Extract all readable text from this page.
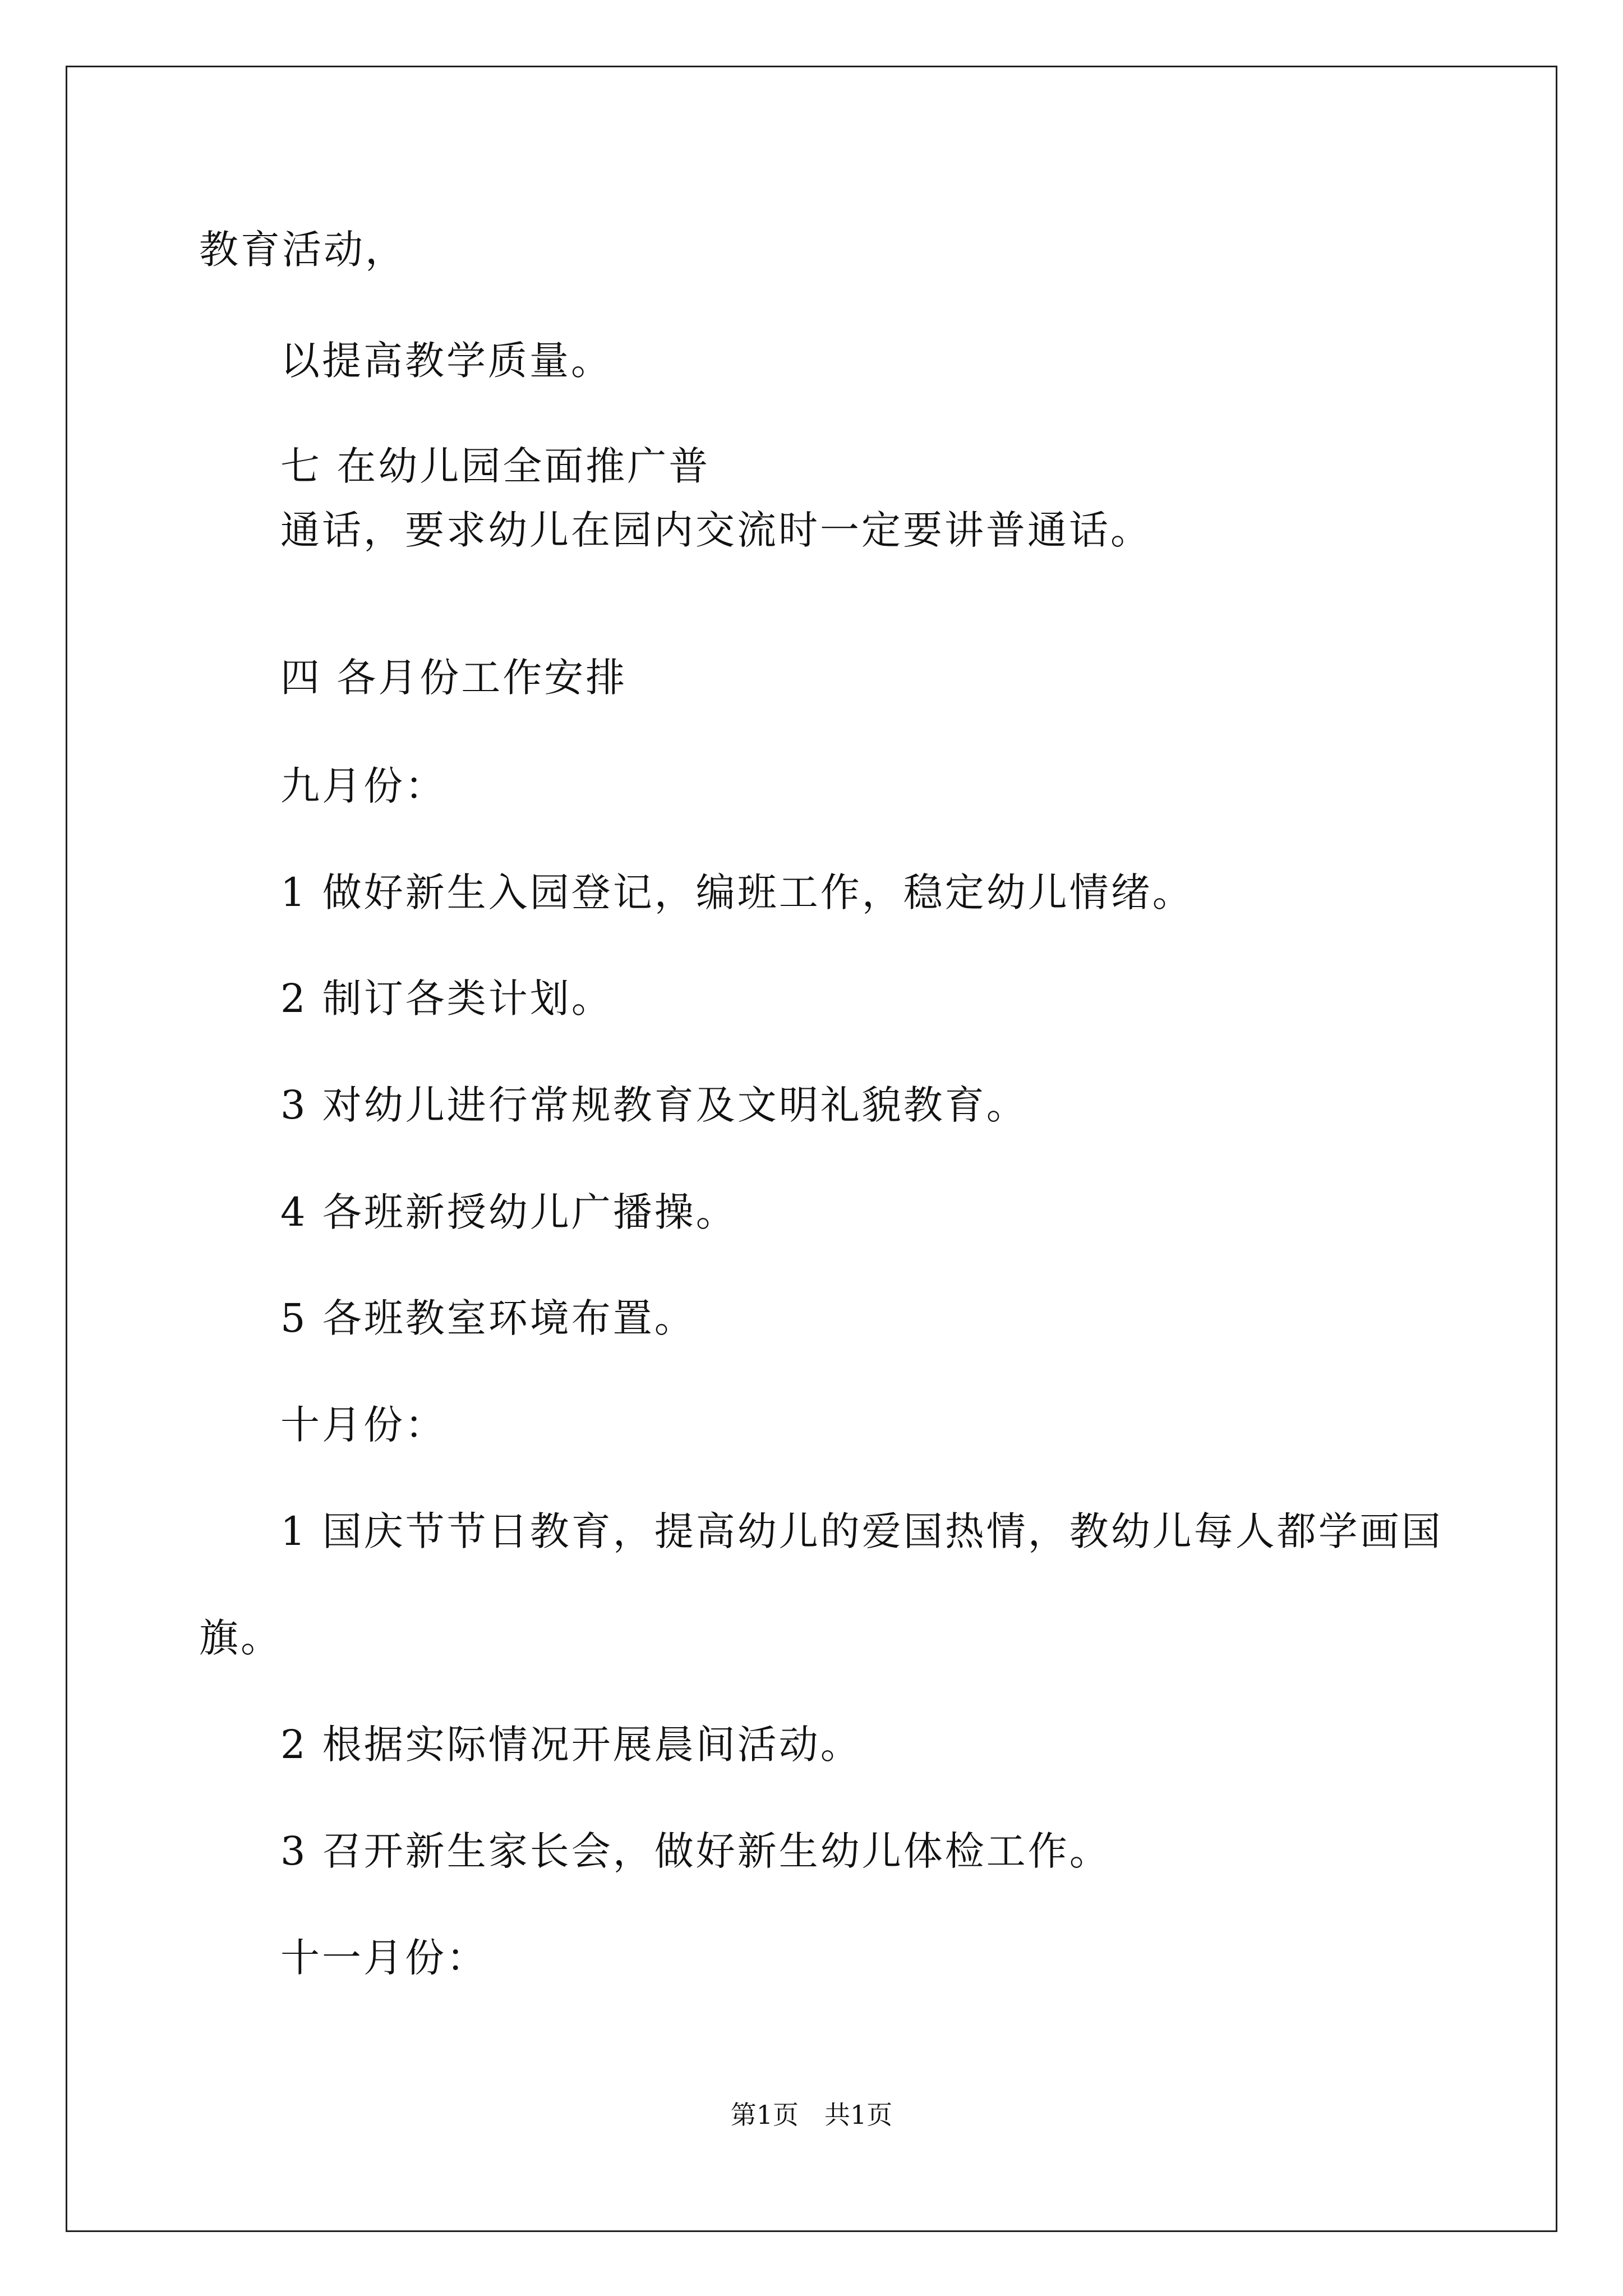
教育活动，
以提高教学质量。
七 在幼儿园全面推广普
通话，要求幼儿在园内交流时一定要讲普通话。
四 各月份工作安排
九月份：
1 做好新生入园登记，编班工作，稳定幼儿情绪。
2 制订各类计划。
3 对幼儿进行常规教育及文明礼貌教育。
4 各班新授幼儿广播操。
5 各班教室环境布置。
十月份：
1 国庆节节日教育，提高幼儿的爱国热情，教幼儿每人都学画国
旗。
2 根据实际情况开展晨间活动。
3 召开新生家长会，做好新生幼儿体检工作。
十一月份：
第1页　共1页
